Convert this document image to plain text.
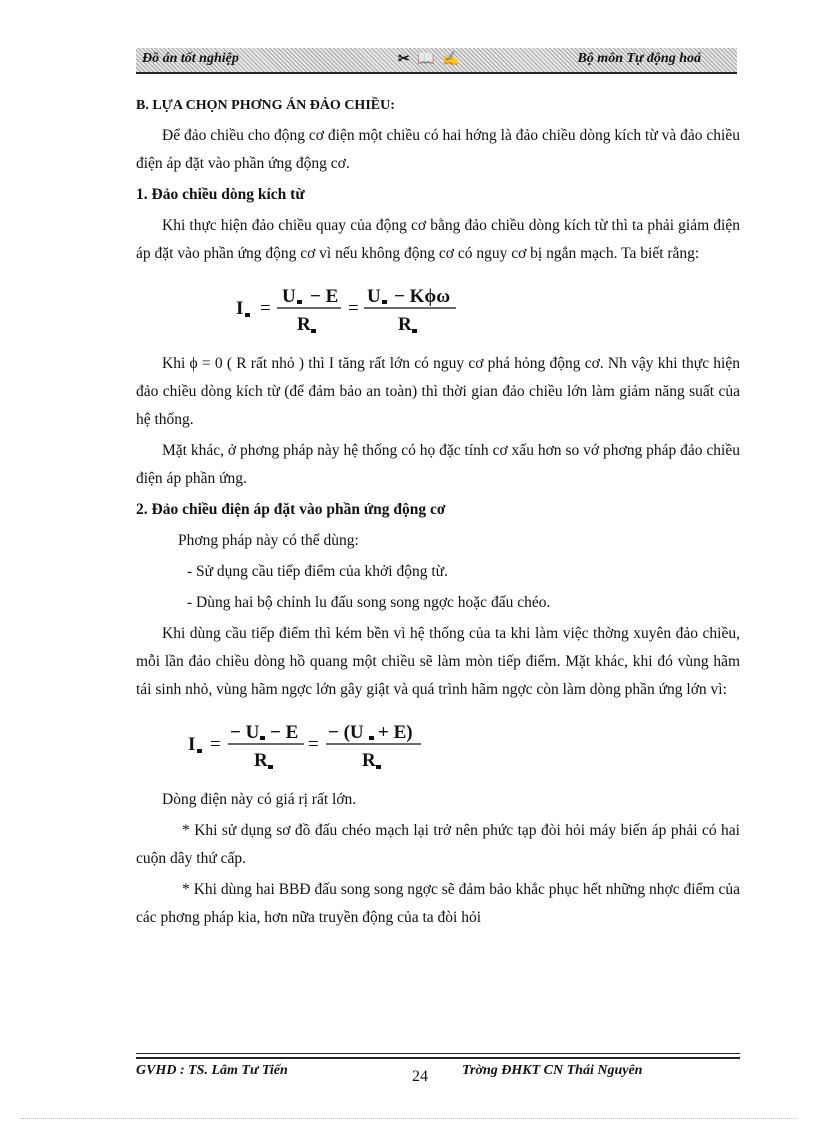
Đồ án tốt nghiệp	✂ 📖 ✍	Bộ môn Tự động hoá
B. LỰA CHỌN PHƠNG ÁN ĐẢO CHIỀU:

Để đảo chiều cho động cơ điện một chiều có hai hớng là đảo chiều dòng kích từ và đảo chiều điện áp đặt vào phần ứng động cơ.

1. Đảo chiều dòng kích từ

Khi thực hiện đảo chiều quay của động cơ bằng đảo chiều dòng kích từ thì ta phải giảm điện áp đặt vào phần ứng động cơ vì nếu không động cơ có nguy cơ bị ngắn mạch. Ta biết rằng:

I =
U − E
R
=
U − Kϕω
R

Khi ϕ = 0 ( R rất nhỏ ) thì I tăng rất lớn có nguy cơ phá hỏng động cơ. Nh vậy khi thực hiện đảo chiều dòng kích từ (để đảm bảo an toàn) thì thời gian đảo chiều lớn làm giảm năng suất của hệ thống.

Mặt khác, ở phơng pháp này hệ thống có họ đặc tính cơ xấu hơn so vớ phơng pháp đảo chiều điện áp phần ứng.

2. Đảo chiều điện áp đặt vào phần ứng động cơ

Phơng pháp này có thể dùng:

- Sử dụng cầu tiếp điểm của khởi động từ.

- Dùng hai bộ chỉnh lu đấu song song ngợc hoặc đấu chéo.

Khi dùng cầu tiếp điểm thì kém bền vì hệ thống của ta khi làm việc thờng xuyên đảo chiều, mỗi lần đảo chiều dòng hồ quang một chiều sẽ làm mòn tiếp điểm. Mặt khác, khi đó vùng hãm tái sinh nhỏ, vùng hãm ngợc lớn gây giật và quá trình hãm ngợc còn làm dòng phần ứng lớn vì:

I =
− U − E
R
=
− (U + E)
R

Dòng điện này có giá rị rất lớn.

* Khi sử dụng sơ đồ đấu chéo mạch lại trở nên phức tạp đòi hỏi máy biến áp phải có hai cuộn dây thứ cấp.

* Khi dùng hai BBĐ đấu song song ngợc sẽ đảm bảo khắc phục hết những nhợc điểm của các phơng pháp kia, hơn nữa truyền động của ta đòi hỏi

GVHD : TS. Lâm Tư Tiến	24 Trờng ĐHKT CN Thái Nguyên
